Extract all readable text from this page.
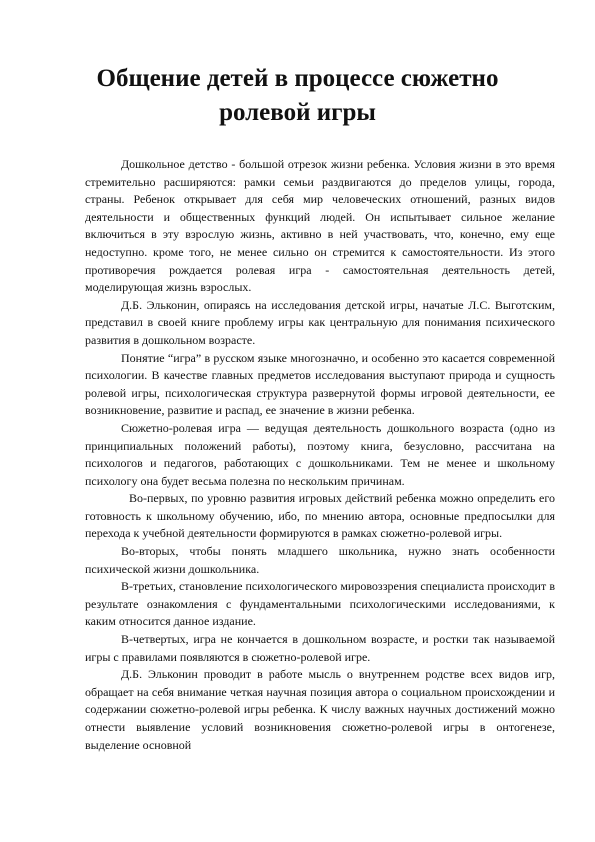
Общение детей в процессе сюжетно
ролевой игры

Дошкольное детство - большой отрезок жизни ребенка. Условия жизни в это время стремительно расширяются: рамки семьи раздвигаются до пределов улицы, города, страны. Ребенок открывает для себя мир человеческих отношений, разных видов деятельности и общественных функций людей. Он испытывает сильное желание включиться в эту взрослую жизнь, активно в ней участвовать, что, конечно, ему еще недоступно. кроме того, не менее сильно он стремится к самостоятельности. Из этого противоречия рождается ролевая игра - самостоятельная деятельность детей, моделирующая жизнь взрослых.

Д.Б. Эльконин, опираясь на исследования детской игры, начатые Л.С. Выготским, представил в своей книге проблему игры как центральную для понимания психического развития в дошкольном возрасте.

Понятие “игра” в русском языке многозначно, и особенно это касается современной психологии. В качестве главных предметов исследования выступают природа и сущность ролевой игры, психологическая структура развернутой формы игровой деятельности, ее возникновение, развитие и распад, ее значение в жизни ребенка.

Сюжетно-ролевая игра — ведущая деятельность дошкольного возраста (одно из принципиальных положений работы), поэтому книга, безусловно, рассчитана на психологов и педагогов, работающих с дошкольниками. Тем не менее и школьному психологу она будет весьма полезна по нескольким причинам.

Во-первых, по уровню развития игровых действий ребенка можно определить его готовность к школьному обучению, ибо, по мнению автора, основные предпосылки для перехода к учебной деятельности формируются в рамках сюжетно-ролевой игры.

Во-вторых, чтобы понять младшего школьника, нужно знать особенности психической жизни дошкольника.

В-третьих, становление психологического мировоззрения специалиста происходит в результате ознакомления с фундаментальными психологическими исследованиями, к каким относится данное издание.

В-четвертых, игра не кончается в дошкольном возрасте, и ростки так называемой игры с правилами появляются в сюжетно-ролевой игре.

Д.Б. Эльконин проводит в работе мысль о внутреннем родстве всех видов игр, обращает на себя внимание четкая научная позиция автора о социальном происхождении и содержании сюжетно-ролевой игры ребенка. К числу важных научных достижений можно отнести выявление условий возникновения сюжетно-ролевой игры в онтогенезе, выделение основной
